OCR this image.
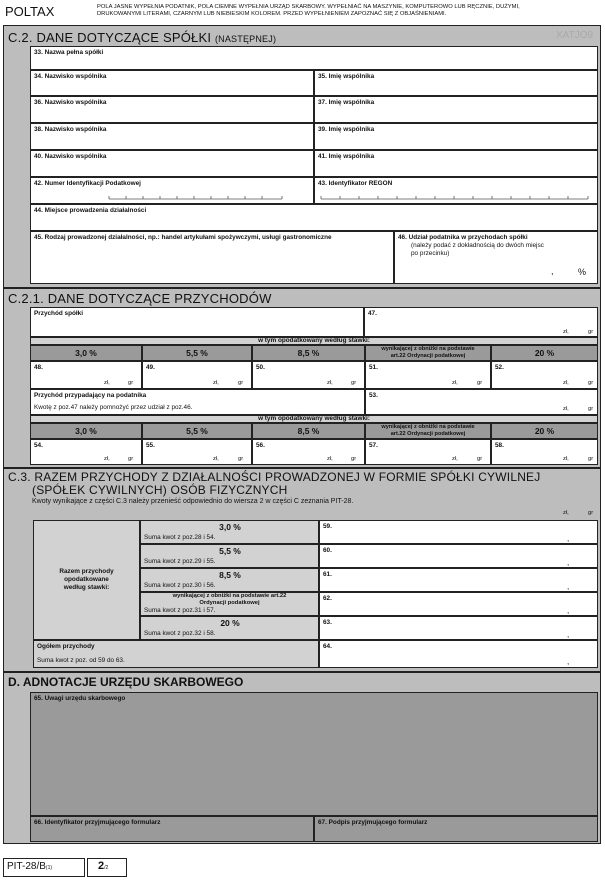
POLTAX	POLA JASNE WYPEŁNIA PODATNIK, POLA CIEMNE WYPEŁNIA URZĄD SKARBOWY. WYPEŁNIAĆ NA MASZYNIE, KOMPUTEROWO LUB RĘCZNIE, DUŻYMI,
DRUKOWANYMI LITERAMI, CZARNYM LUB NIEBIESKIM KOLOREM. PRZED WYPEŁNIENIEM ZAPOZNAĆ SIĘ Z OBJAŚNIENIAMI.
C.2. DANE DOTYCZĄCE SPÓŁKI (NASTĘPNEJ)	XATJO9
33. Nazwa pełna spółki
34. Nazwisko wspólnika	35. Imię wspólnika
36. Nazwisko wspólnika	37. Imię wspólnika
38. Nazwisko wspólnika	39. Imię wspólnika
40. Nazwisko wspólnika	41. Imię wspólnika
42. Numer Identyfikacji Podatkowej	43. Identyfikator REGON
44. Miejsce prowadzenia działalności
45. Rodzaj prowadzonej działalności, np.: handel artykułami spożywczymi, usługi gastronomiczne	46. Udział podatnika w przychodach spółki
(należy podać z dokładnością do dwóch miejsc
po przecinku)
%
,
C.2.1. DANE DOTYCZĄCE PRZYCHODÓW
Przychód spółki	47.
zł,	gr
w tym opodatkowany według stawki:
3,0 %	5,5 %	8,5 %	wynikającej z obniżki na podstawie
art.22 Ordynacji podatkowej	20 %
48.	49.	50.	51.	52.
zł,	gr	zł,	gr	zł,	gr	zł,	gr	zł,	gr
Przychód przypadający na podatnika
Kwotę z poz.47 należy pomnożyć przez udział z poz.46.
53.
zł,	gr
w tym opodatkowany według stawki:
3,0 %	5,5 %	8,5 %	wynikającej z obniżki na podstawie
art.22 Ordynacji podatkowej	20 %
54.	55.	56.	57.	58.
zł,	gr	zł,	gr	zł,	gr	zł,	gr	zł,	gr
C.3. RAZEM PRZYCHODY Z DZIAŁALNOŚCI PROWADZONEJ W FORMIE SPÓŁKI CYWILNEJ
(SPÓŁEK CYWILNYCH) OSÓB FIZYCZNYCH
Kwoty wynikające z części C.3 należy przenieść odpowiednio do wiersza 2 w części C zeznania PIT-28.
zł,	gr
Razem przychody
opodatkowane
według stawki:
3,0 %
Suma kwot z poz.28 i 54.
59.
,
5,5 %
Suma kwot z poz.29 i 55.
60.
,
8,5 %
Suma kwot z poz.30 i 56.
61.
,
wynikającej z obniżki na podstawie art.22
Ordynacji podatkowej
Suma kwot z poz.31 i 57.
62.
,
20 %
Suma kwot z poz.32 i 58.
63.
,
Ogółem przychody
Suma kwot z poz. od 59 do 63.
64.
,
D. ADNOTACJE URZĘDU SKARBOWEGO
65. Uwagi urzędu skarbowego
66. Identyfikator przyjmującego formularz	67. Podpis przyjmującego formularz
PIT-28/B(1)	2/2
